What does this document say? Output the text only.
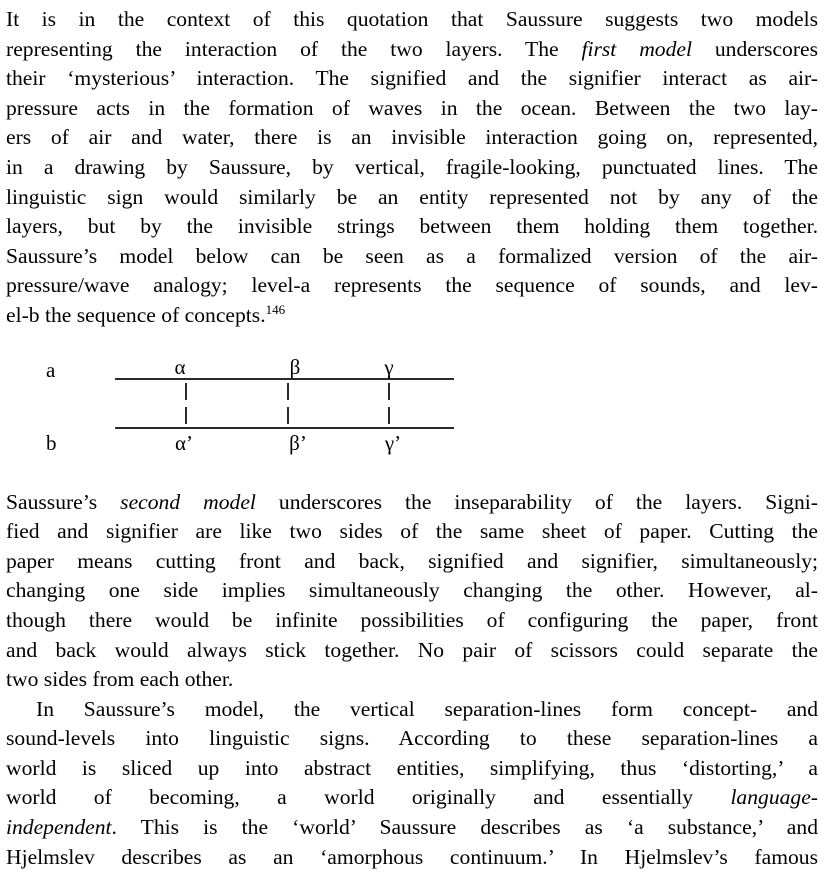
It is in the context of this quotation that Saussure suggests two models
representing the interaction of the two layers. The first model underscores
their ‘mysterious’ interaction. The signified and the signifier interact as air-
pressure acts in the formation of waves in the ocean. Between the two lay-
ers of air and water, there is an invisible interaction going on, represented,
in a drawing by Saussure, by vertical, fragile-looking, punctuated lines. The
linguistic sign would similarly be an entity represented not by any of the
layers, but by the invisible strings between them holding them together.
Saussure’s model below can be seen as a formalized version of the air-
pressure/wave analogy; level-a represents the sequence of sounds, and lev-
el-b the sequence of concepts.$^{146}$
a	α	β	γ
b	α’	β’	γ’
Saussure’s second model underscores the inseparability of the layers. Signi-
fied and signifier are like two sides of the same sheet of paper. Cutting the
paper means cutting front and back, signified and signifier, simultaneously;
changing one side implies simultaneously changing the other. However, al-
though there would be infinite possibilities of configuring the paper, front
and back would always stick together. No pair of scissors could separate the
two sides from each other.
In Saussure’s model, the vertical separation-lines form concept- and
sound-levels into linguistic signs. According to these separation-lines a
world is sliced up into abstract entities, simplifying, thus ‘distorting,’ a
world of becoming, a world originally and essentially language-
independent. This is the ‘world’ Saussure describes as ‘a substance,’ and
Hjelmslev describes as an ‘amorphous continuum.’ In Hjelmslev’s famous
